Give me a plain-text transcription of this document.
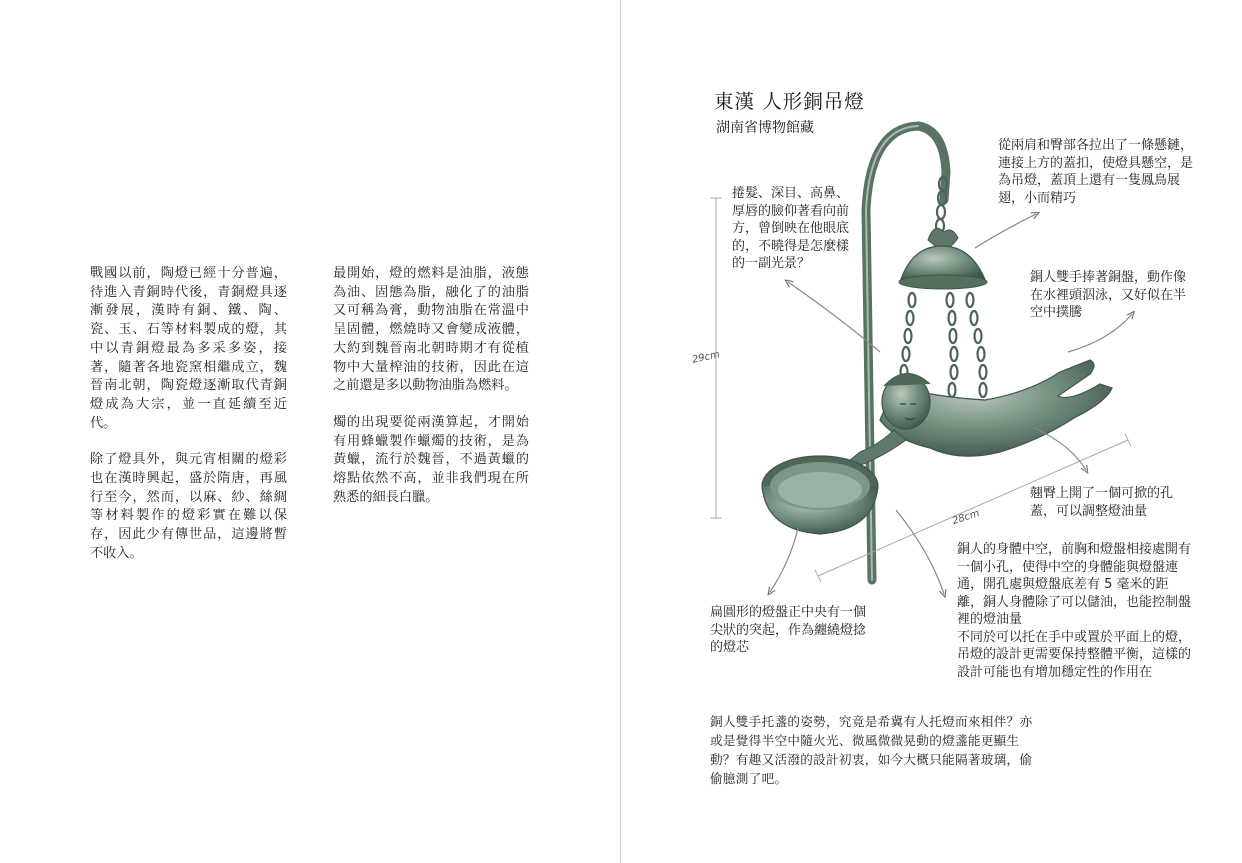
戰國以前，陶燈已經十分普遍，待進入青銅時代後，青銅燈具逐漸發展，漢時有銅、鐵、陶、瓷、玉、石等材料製成的燈，其中以青銅燈最為多采多姿，接著，隨著各地瓷窯相繼成立，魏晉南北朝，陶瓷燈逐漸取代青銅燈成為大宗，並一直延續至近代。

除了燈具外，與元宵相關的燈彩也在漢時興起，盛於隋唐，再風行至今，然而，以麻、紗、絲綢等材料製作的燈彩實在難以保存，因此少有傳世品，這邊將暫不收入。

最開始，燈的燃料是油脂，液態為油、固態為脂，融化了的油脂又可稱為膏，動物油脂在常溫中呈固體，燃燒時又會變成液體，大約到魏晉南北朝時期才有從植物中大量榨油的技術，因此在這之前還是多以動物油脂為燃料。

燭的出現要從兩漢算起，才開始有用蜂蠟製作蠟燭的技術，是為黃蠟，流行於魏晉，不過黃蠟的熔點依然不高，並非我們現在所熟悉的細長白臘。

東漢 人形銅吊燈
湖南省博物館藏
29cm
28cm
捲髮、深目、高鼻、厚唇的臉仰著看向前方，曾倒映在他眼底的，不曉得是怎麼樣的一副光景？
從兩肩和臀部各拉出了一條懸鏈，連接上方的蓋扣，使燈具懸空，是為吊燈，蓋頂上還有一隻鳳鳥展翅，小而精巧
銅人雙手捧著銅盤，動作像在水裡頭泅泳，又好似在半空中撲騰
翹臀上開了一個可掀的孔蓋，可以調整燈油量
銅人的身體中空，前胸和燈盤相接處開有一個小孔，使得中空的身體能與燈盤連通，開孔處與燈盤底差有 5 毫米的距離，銅人身體除了可以儲油，也能控制盤裡的燈油量
不同於可以托在手中或置於平面上的燈，吊燈的設計更需要保持整體平衡，這樣的設計可能也有增加穩定性的作用在
扁圓形的燈盤正中央有一個尖狀的突起，作為纏繞燈捻的燈芯
銅人雙手托盞的姿勢，究竟是希冀有人托燈而來相伴？亦或是覺得半空中隨火光、微風微微晃動的燈盞能更顯生動？有趣又活潑的設計初衷，如今大概只能隔著玻璃，偷偷臆測了吧。
